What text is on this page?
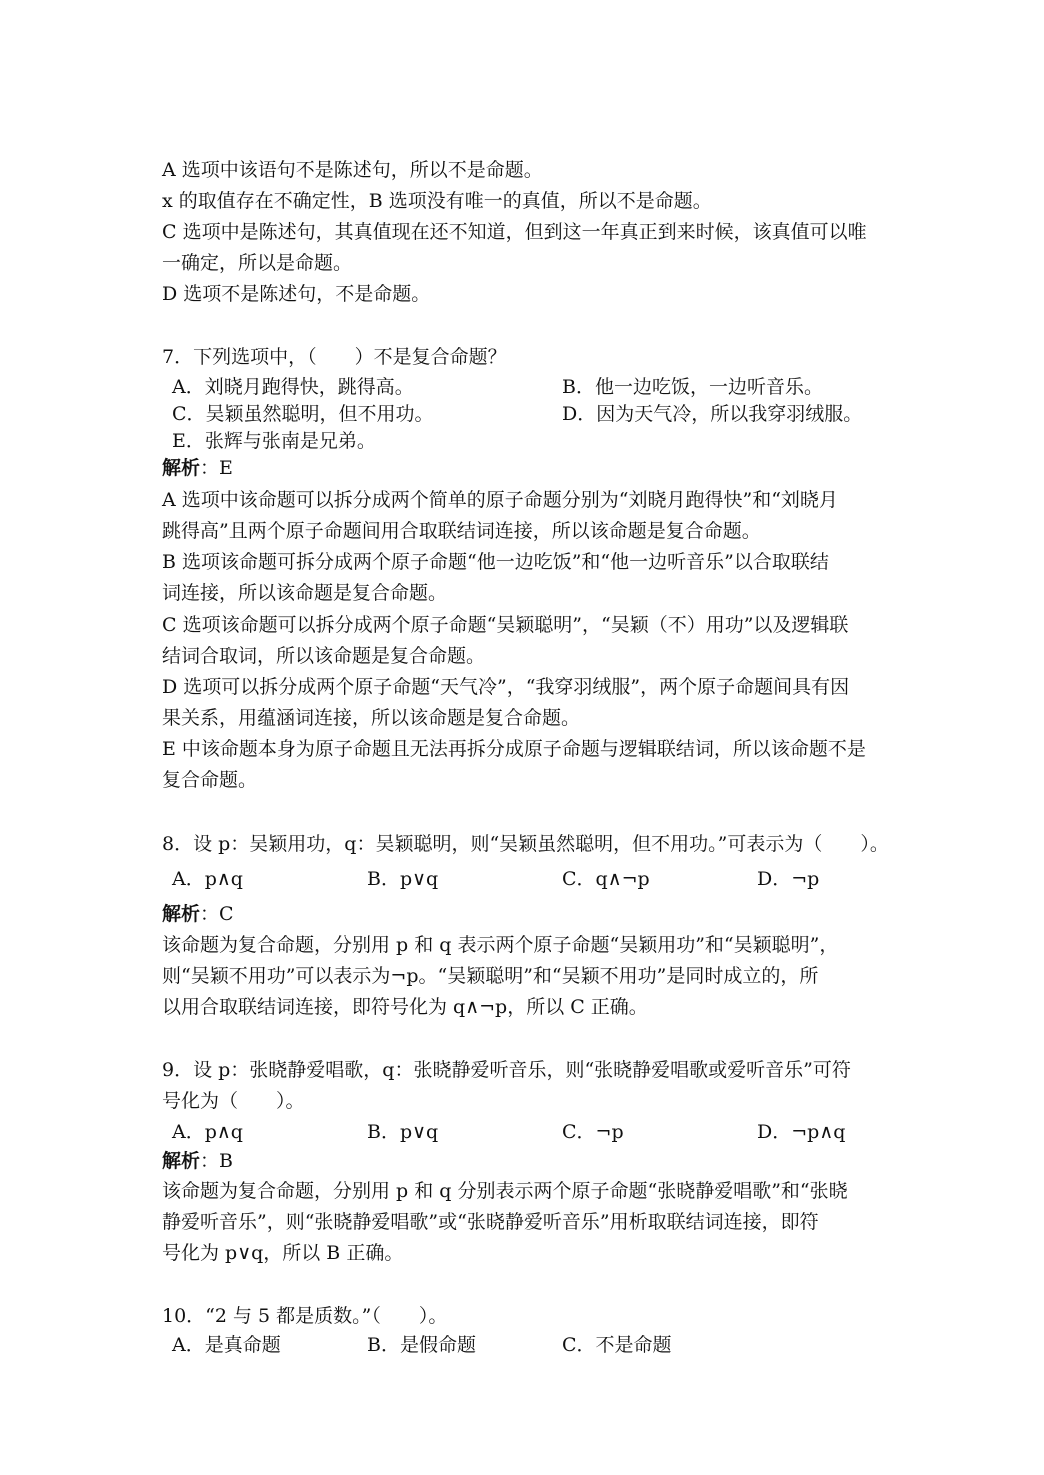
A 选项中该语句不是陈述句，所以不是命题。
x 的取值存在不确定性，B 选项没有唯一的真值，所以不是命题。
C 选项中是陈述句，其真值现在还不知道，但到这一年真正到来时候，该真值可以唯
一确定，所以是命题。
D 选项不是陈述句，不是命题。
7．下列选项中，（　　）不是复合命题？
A．刘晓月跑得快，跳得高。	B．他一边吃饭，一边听音乐。
C．吴颖虽然聪明，但不用功。	D．因为天气冷，所以我穿羽绒服。
E．张辉与张南是兄弟。
解析：E
A 选项中该命题可以拆分成两个简单的原子命题分别为“刘晓月跑得快”和“刘晓月
跳得高”且两个原子命题间用合取联结词连接，所以该命题是复合命题。
B 选项该命题可拆分成两个原子命题“他一边吃饭”和“他一边听音乐”以合取联结
词连接，所以该命题是复合命题。
C 选项该命题可以拆分成两个原子命题“吴颖聪明”，“吴颖（不）用功”以及逻辑联
结词合取词，所以该命题是复合命题。
D 选项可以拆分成两个原子命题“天气冷”，“我穿羽绒服”，两个原子命题间具有因
果关系，用蕴涵词连接，所以该命题是复合命题。
E 中该命题本身为原子命题且无法再拆分成原子命题与逻辑联结词，所以该命题不是
复合命题。
8．设 p：吴颖用功，q：吴颖聪明，则“吴颖虽然聪明，但不用功。”可表示为（　　）。
A．p∧q	B．p∨q	C．q∧¬p	D．¬p
解析：C
该命题为复合命题，分别用 p 和 q 表示两个原子命题“吴颖用功”和“吴颖聪明”，
则“吴颖不用功”可以表示为¬p。“吴颖聪明”和“吴颖不用功”是同时成立的，所
以用合取联结词连接，即符号化为 q∧¬p，所以 C 正确。
9．设 p：张晓静爱唱歌，q：张晓静爱听音乐，则“张晓静爱唱歌或爱听音乐”可符
号化为（　　）。
A．p∧q	B．p∨q	C．¬p	D．¬p∧q
解析：B
该命题为复合命题，分别用 p 和 q 分别表示两个原子命题“张晓静爱唱歌”和“张晓
静爱听音乐”，则“张晓静爱唱歌”或“张晓静爱听音乐”用析取联结词连接，即符
号化为 p∨q，所以 B 正确。
10．“2 与 5 都是质数。”（　　）。
A．是真命题	B．是假命题	C．不是命题
